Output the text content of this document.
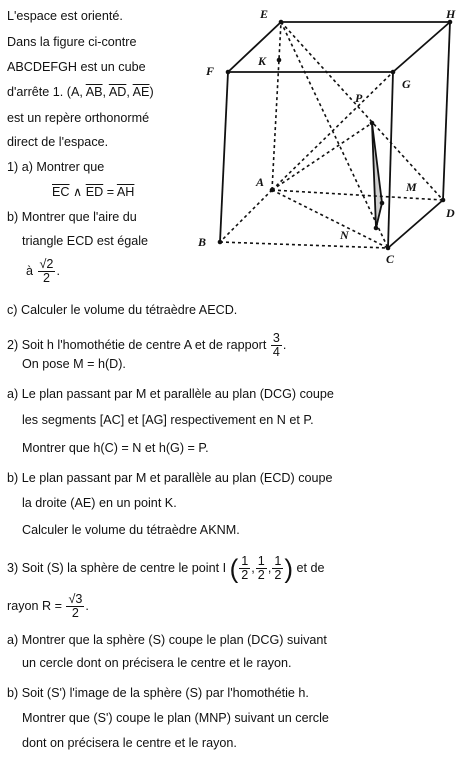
E	H
F
K
G
P
A	M
D
N
B
C
L'espace est orienté.
Dans la figure ci-contre
ABCDEFGH est un cube
d'arrête 1. (A, $\overline{AB}$, $\overline{AD}$, $\overline{AE}$)
est un repère orthonormé
direct de l'espace.
1) a) Montrer que
$\overline{EC}$ ∧ $\overline{ED} = \overline{AH}$
b) Montrer que l'aire du
triangle ECD est égale
à $\frac{√2}{2}$ .
c) Calculer le volume du tétraèdre AECD.
2) Soit h l'homothétie de centre A et de rapport $\frac{3}{4}$ .
On pose M = h(D).
a) Le plan passant par M et parallèle au plan (DCG) coupe
les segments [AC] et [AG] respectivement en N et P.
Montrer que h(C) = N et h(G) = P.
b) Le plan passant par M et parallèle au plan (ECD) coupe
la droite (AE) en un point K.
Calculer le volume du tétraèdre AKNM.
3) Soit (S) la sphère de centre le point I ( $\frac{1}{2}$ , $\frac{1}{2}$ , $\frac{1}{2}$ ) et de
rayon $R = \frac{√3}{2}$ .
a) Montrer que la sphère (S) coupe le plan (DCG) suivant
un cercle dont on précisera le centre et le rayon.
b) Soit (S') l'image de la sphère (S) par l'homothétie h.
Montrer que (S') coupe le plan (MNP) suivant un cercle
dont on précisera le centre et le rayon.
